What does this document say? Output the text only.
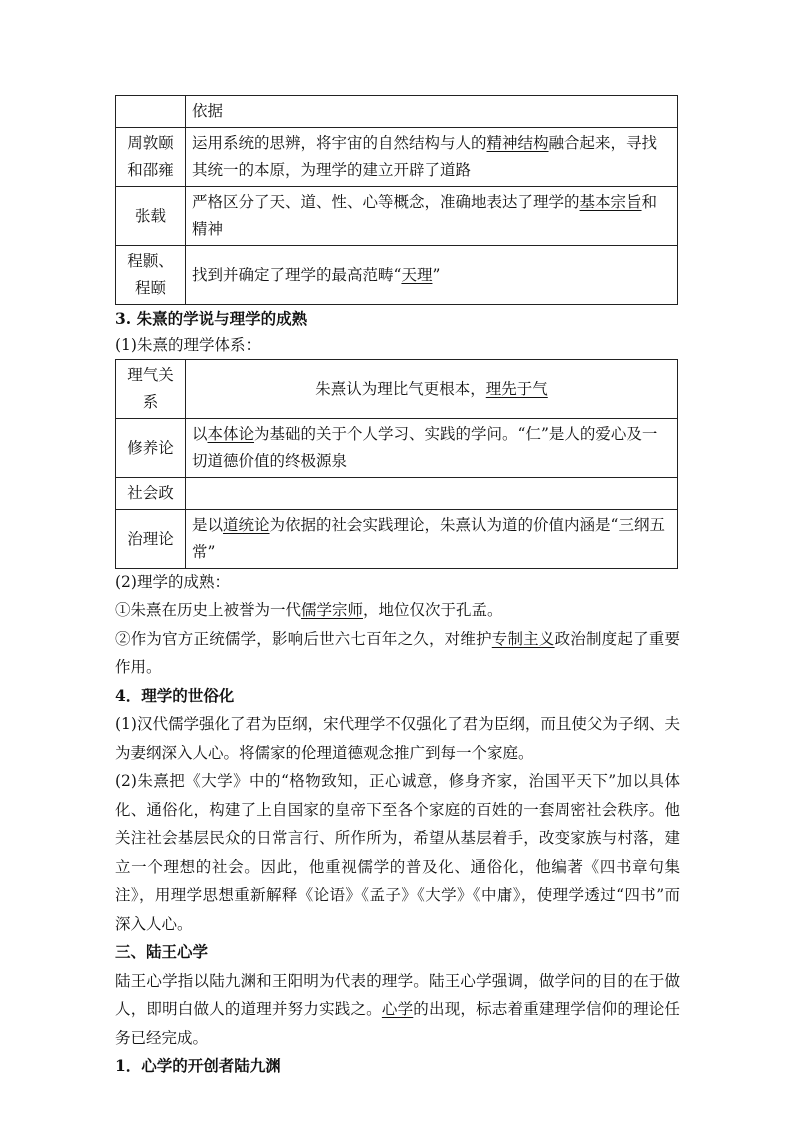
	依据
周敦颐
和邵雍	运用系统的思辨，将宇宙的自然结构与人的精神结构融合起来，寻找其统一的本原，为理学的建立开辟了道路
张载	严格区分了天、道、性、心等概念，准确地表达了理学的基本宗旨和精神
程颢、
程颐	找到并确定了理学的最高范畴“天理”

3. 朱熹的学说与理学的成熟

(1)朱熹的理学体系：

理气关系	朱熹认为理比气更根本，理先于气
修养论	以本体论为基础的关于个人学习、实践的学问。“仁”是人的爱心及一切道德价值的终极源泉
社会政	
治理论	是以道统论为依据的社会实践理论，朱熹认为道的价值内涵是“三纲五常”

(2)理学的成熟：

①朱熹在历史上被誉为一代儒学宗师，地位仅次于孔孟。

②作为官方正统儒学，影响后世六七百年之久，对维护专制主义政治制度起了重要作用。

4．理学的世俗化

(1)汉代儒学强化了君为臣纲，宋代理学不仅强化了君为臣纲，而且使父为子纲、夫为妻纲深入人心。将儒家的伦理道德观念推广到每一个家庭。

(2)朱熹把《大学》中的“格物致知，正心诚意，修身齐家，治国平天下”加以具体化、通俗化，构建了上自国家的皇帝下至各个家庭的百姓的一套周密社会秩序。他关注社会基层民众的日常言行、所作所为，希望从基层着手，改变家族与村落，建立一个理想的社会。因此，他重视儒学的普及化、通俗化，他编著《四书章句集注》，用理学思想重新解释《论语》《孟子》《大学》《中庸》，使理学透过“四书”而深入人心。

三、陆王心学

陆王心学指以陆九渊和王阳明为代表的理学。陆王心学强调，做学问的目的在于做人，即明白做人的道理并努力实践之。心学的出现，标志着重建理学信仰的理论任务已经完成。

1．心学的开创者陆九渊
